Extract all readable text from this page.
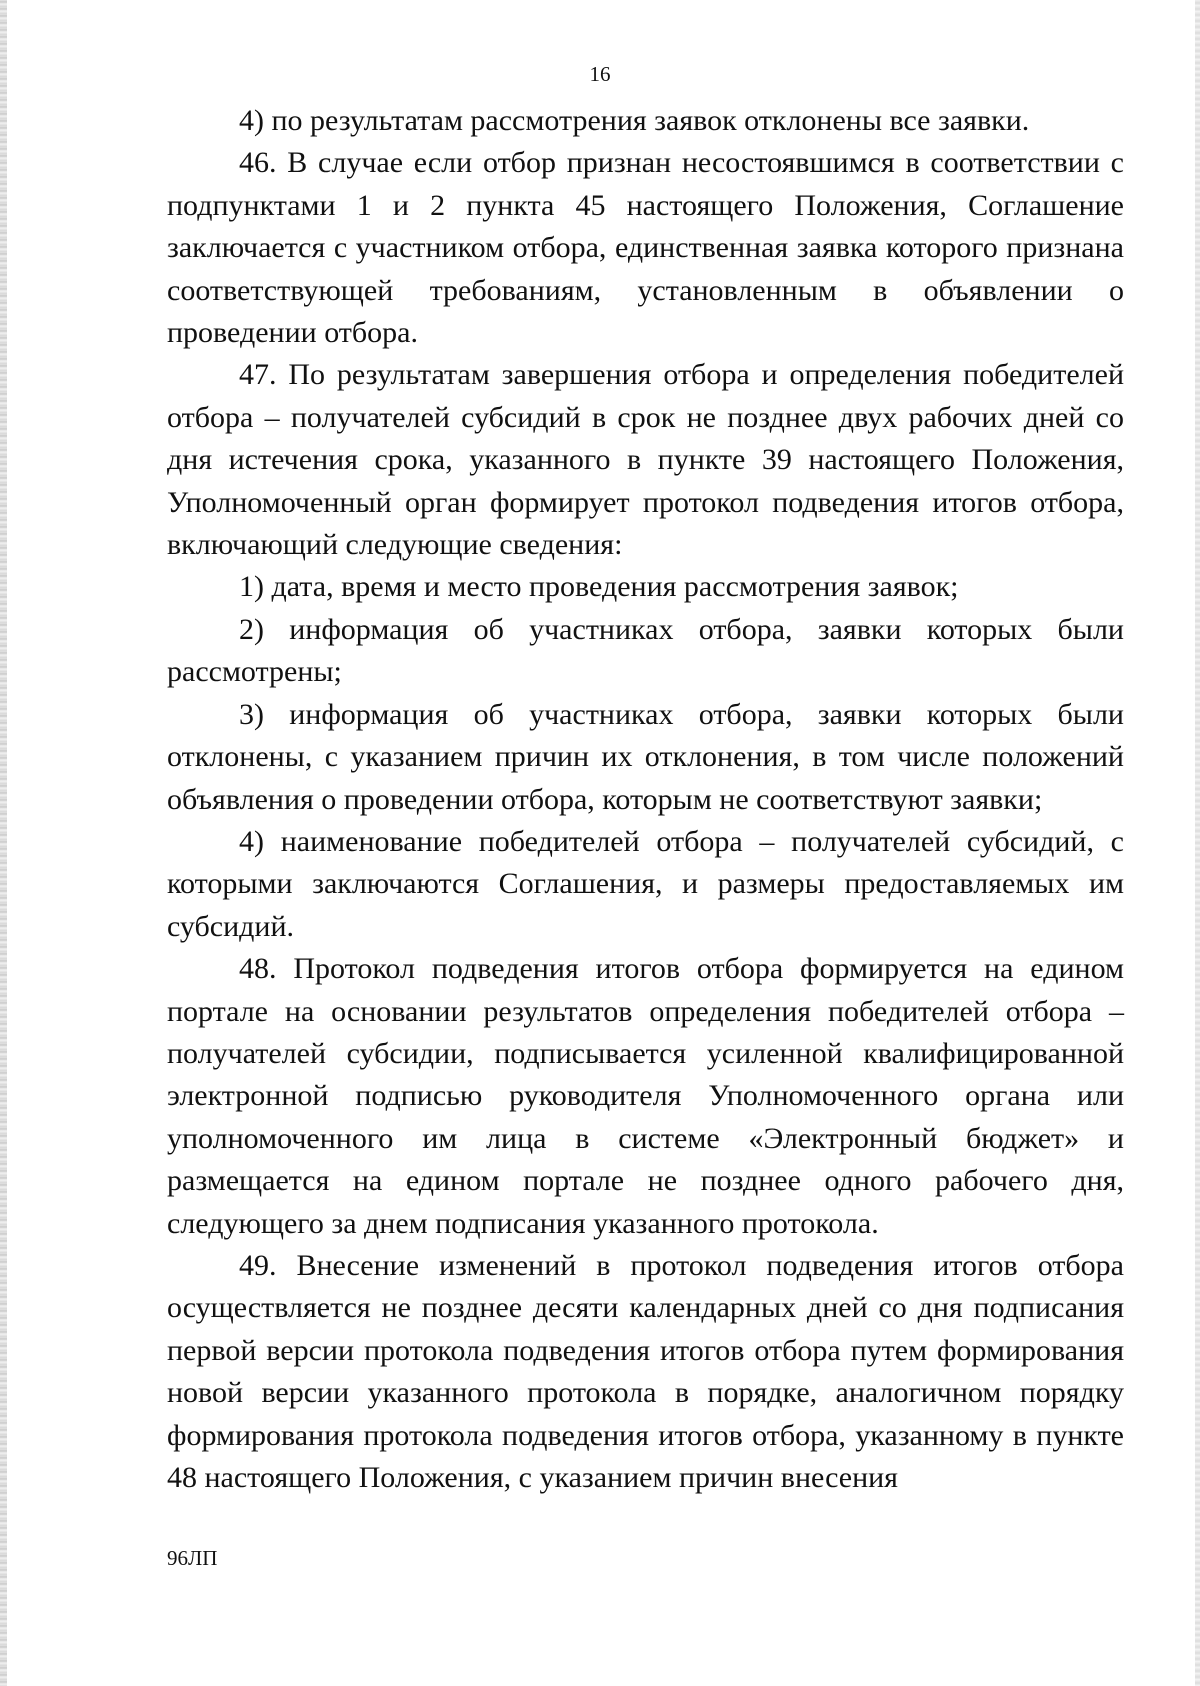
16

4) по результатам рассмотрения заявок отклонены все заявки.

46. В случае если отбор признан несостоявшимся в соответствии с подпунктами 1 и 2 пункта 45 настоящего Положения, Соглашение заключается с участником отбора, единственная заявка которого признана соответствующей требованиям, установленным в объявлении о проведении отбора.

47. По результатам завершения отбора и определения победителей отбора – получателей субсидий в срок не позднее двух рабочих дней со дня истечения срока, указанного в пункте 39 настоящего Положения, Уполномоченный орган формирует протокол подведения итогов отбора, включающий следующие сведения:

1) дата, время и место проведения рассмотрения заявок;

2) информация об участниках отбора, заявки которых были рассмотрены;

3) информация об участниках отбора, заявки которых были отклонены, с указанием причин их отклонения, в том числе положений объявления о проведении отбора, которым не соответствуют заявки;

4) наименование победителей отбора – получателей субсидий, с которыми заключаются Соглашения, и размеры предоставляемых им субсидий.

48. Протокол подведения итогов отбора формируется на едином портале на основании результатов определения победителей отбора – получателей субсидии, подписывается усиленной квалифицированной электронной подписью руководителя Уполномоченного органа или уполномоченного им лица в системе «Электронный бюджет» и размещается на едином портале не позднее одного рабочего дня, следующего за днем подписания указанного протокола.

49. Внесение изменений в протокол подведения итогов отбора осуществляется не позднее десяти календарных дней со дня подписания первой версии протокола подведения итогов отбора путем формирования новой версии указанного протокола в порядке, аналогичном порядку формирования протокола подведения итогов отбора, указанному в пункте 48 настоящего Положения, с указанием причин внесения

96ЛП
